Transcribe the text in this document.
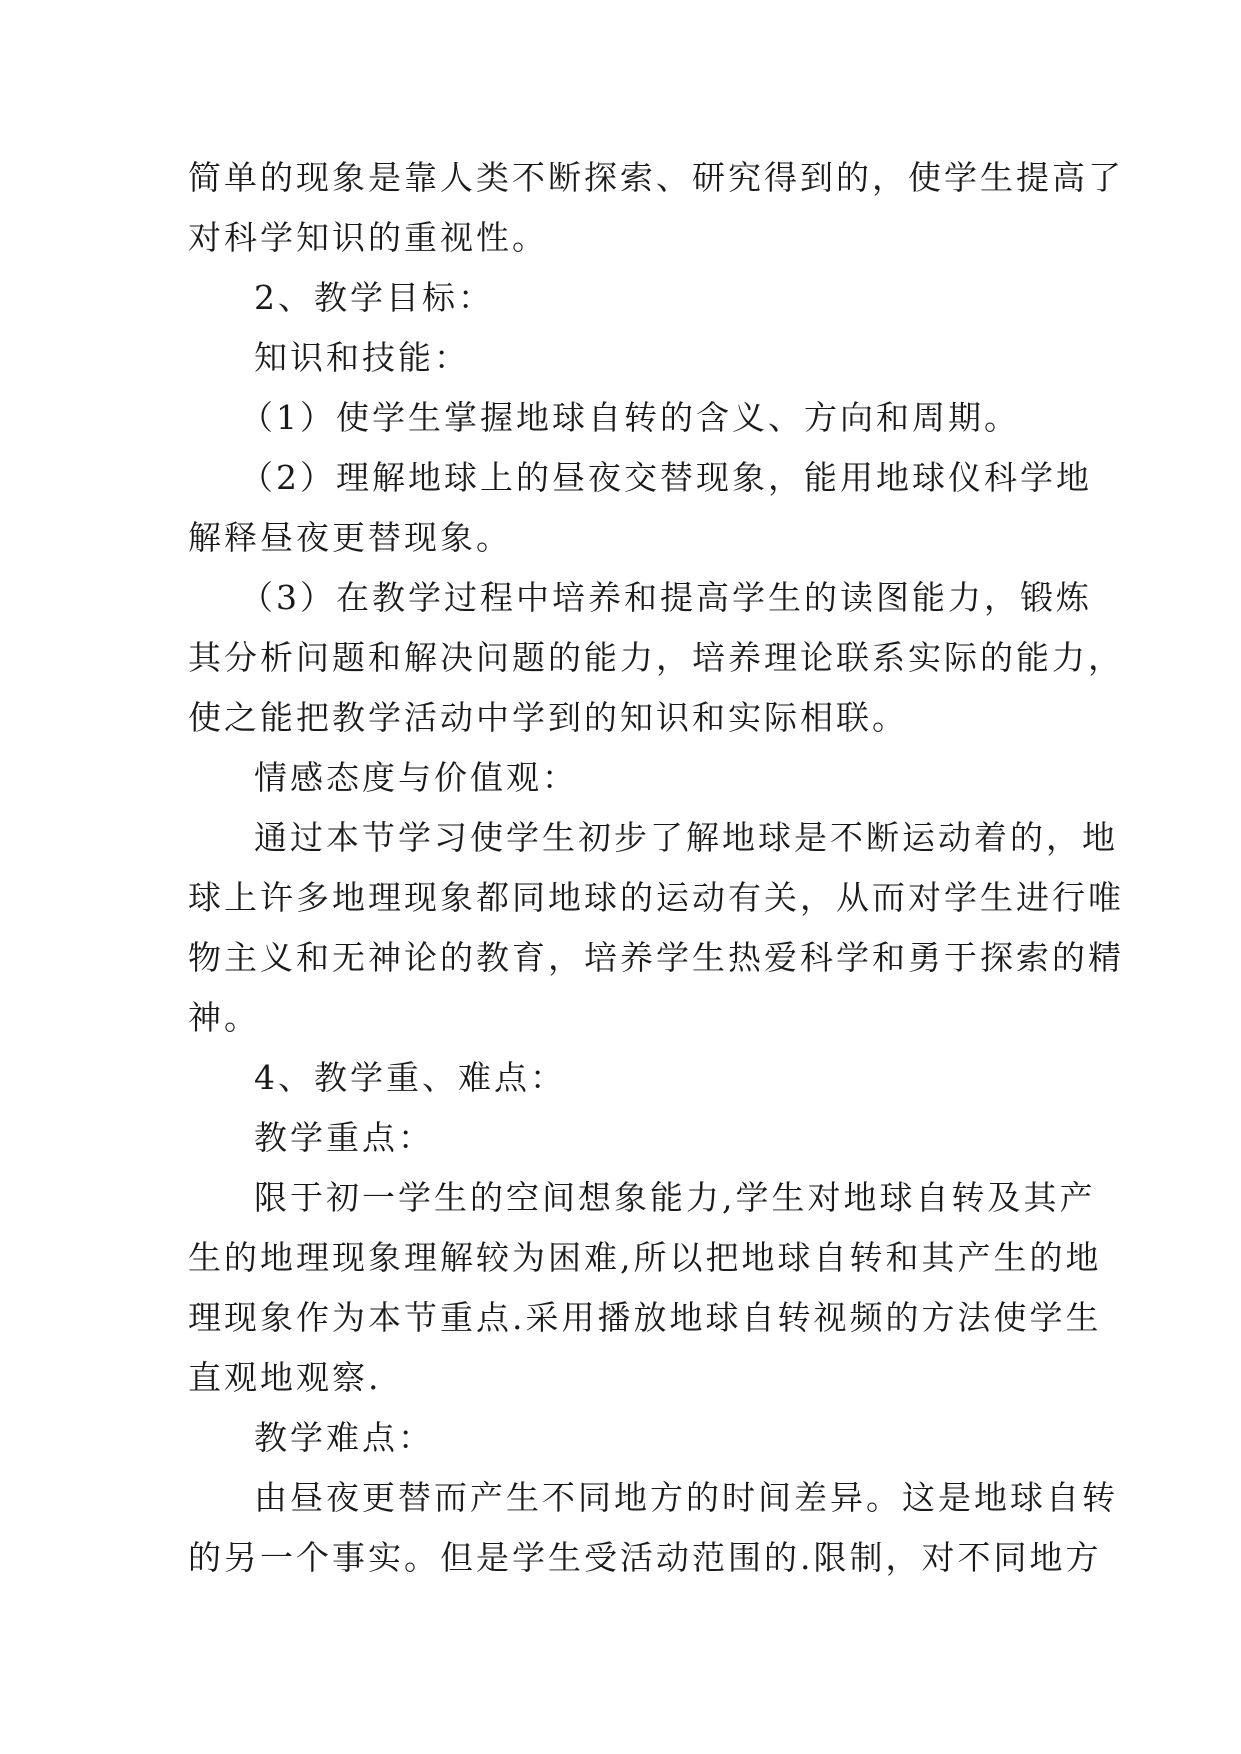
简单的现象是靠人类不断探索、研究得到的，使学生提高了
对科学知识的重视性。
2、教学目标：
知识和技能：
（1）使学生掌握地球自转的含义、方向和周期。
（2）理解地球上的昼夜交替现象，能用地球仪科学地
解释昼夜更替现象。
（3）在教学过程中培养和提高学生的读图能力，锻炼
其分析问题和解决问题的能力，培养理论联系实际的能力，
使之能把教学活动中学到的知识和实际相联。
情感态度与价值观：
通过本节学习使学生初步了解地球是不断运动着的，地
球上许多地理现象都同地球的运动有关，从而对学生进行唯
物主义和无神论的教育，培养学生热爱科学和勇于探索的精
神。
4、教学重、难点：
教学重点：
限于初一学生的空间想象能力,学生对地球自转及其产
生的地理现象理解较为困难,所以把地球自转和其产生的地
理现象作为本节重点.采用播放地球自转视频的方法使学生
直观地观察.
教学难点：
由昼夜更替而产生不同地方的时间差异。这是地球自转
的另一个事实。但是学生受活动范围的.限制，对不同地方
